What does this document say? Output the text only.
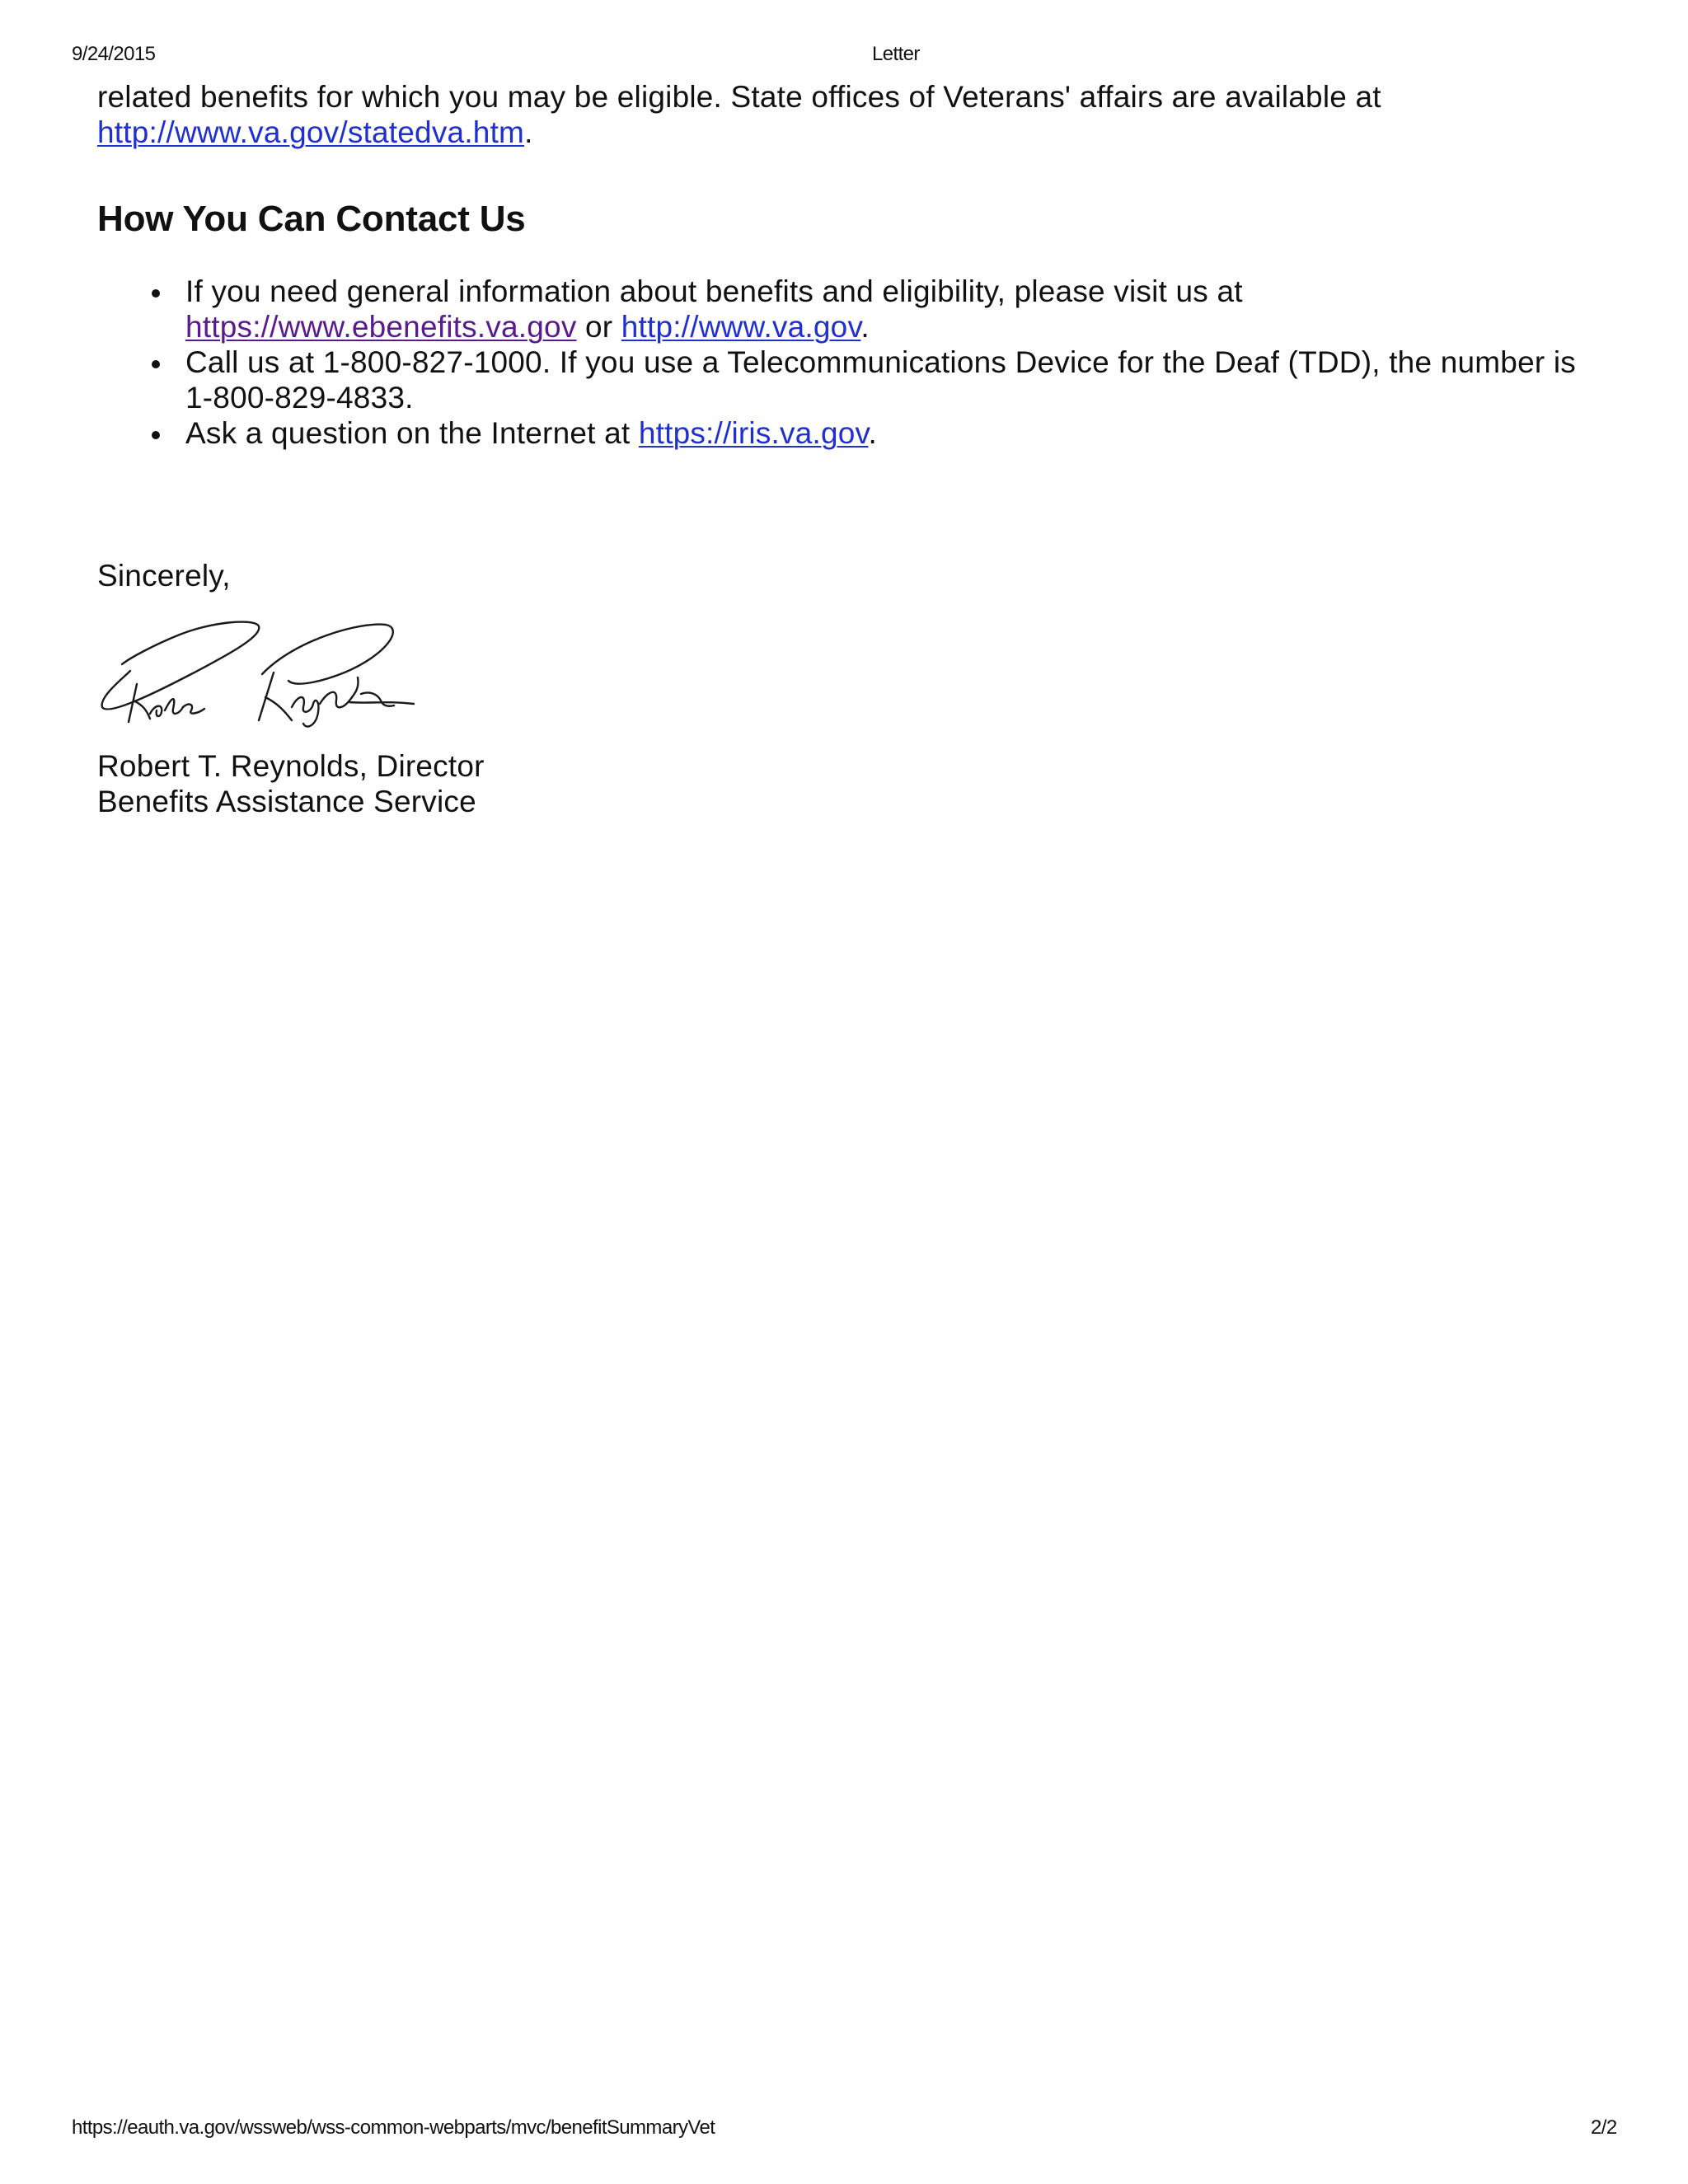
9/24/2015	Letter

related benefits for which you may be eligible. State offices of Veterans' affairs are available at
http://www.va.gov/statedva.htm.

How You Can Contact Us
If you need general information about benefits and eligibility, please visit us at
https://www.ebenefits.va.gov or http://www.va.gov.
Call us at 1-800-827-1000. If you use a Telecommunications Device for the Deaf (TDD), the number is 1-800-829-4833.
Ask a question on the Internet at https://iris.va.gov.

Sincerely,

Robert T. Reynolds, Director
Benefits Assistance Service
https://eauth.va.gov/wssweb/wss-common-webparts/mvc/benefitSummaryVet	2/2
